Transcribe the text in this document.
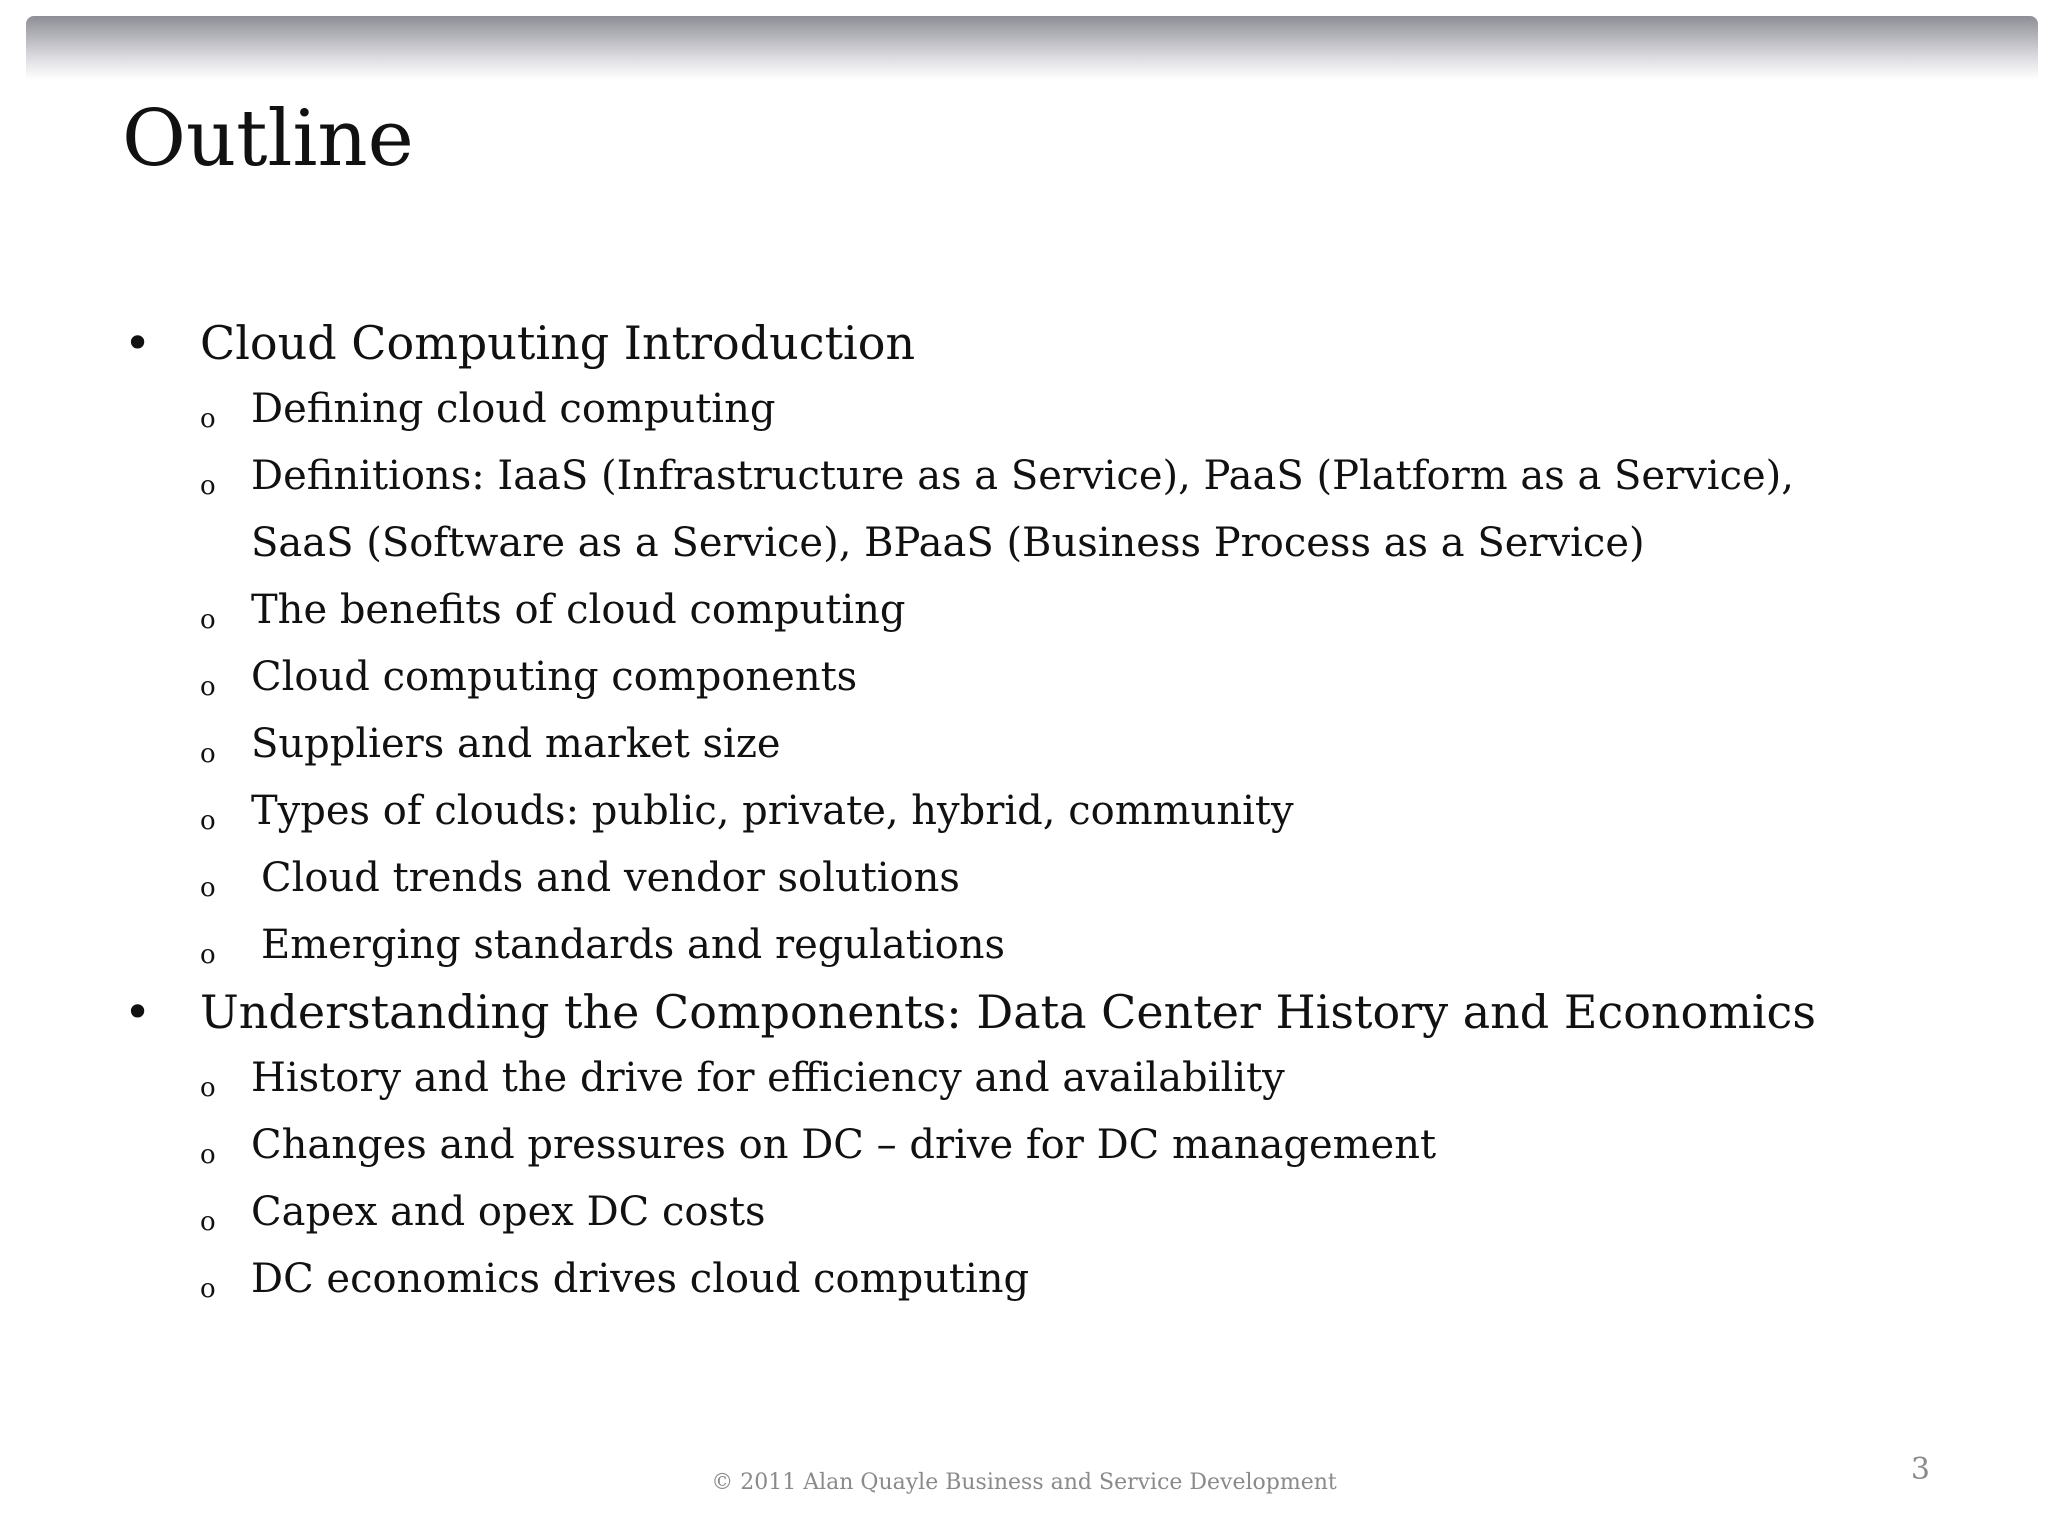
Outline
• Cloud Computing Introduction
o Defining cloud computing
o Definitions: IaaS (Infrastructure as a Service), PaaS (Platform as a Service), SaaS (Software as a Service), BPaaS (Business Process as a Service)
o The benefits of cloud computing
o Cloud computing components
o Suppliers and market size
o Types of clouds: public, private, hybrid, community
o Cloud trends and vendor solutions
o Emerging standards and regulations
• Understanding the Components: Data Center History and Economics
o History and the drive for efficiency and availability
o Changes and pressures on DC – drive for DC management
o Capex and opex DC costs
o DC economics drives cloud computing
© 2011 Alan Quayle Business and Service Development	3
